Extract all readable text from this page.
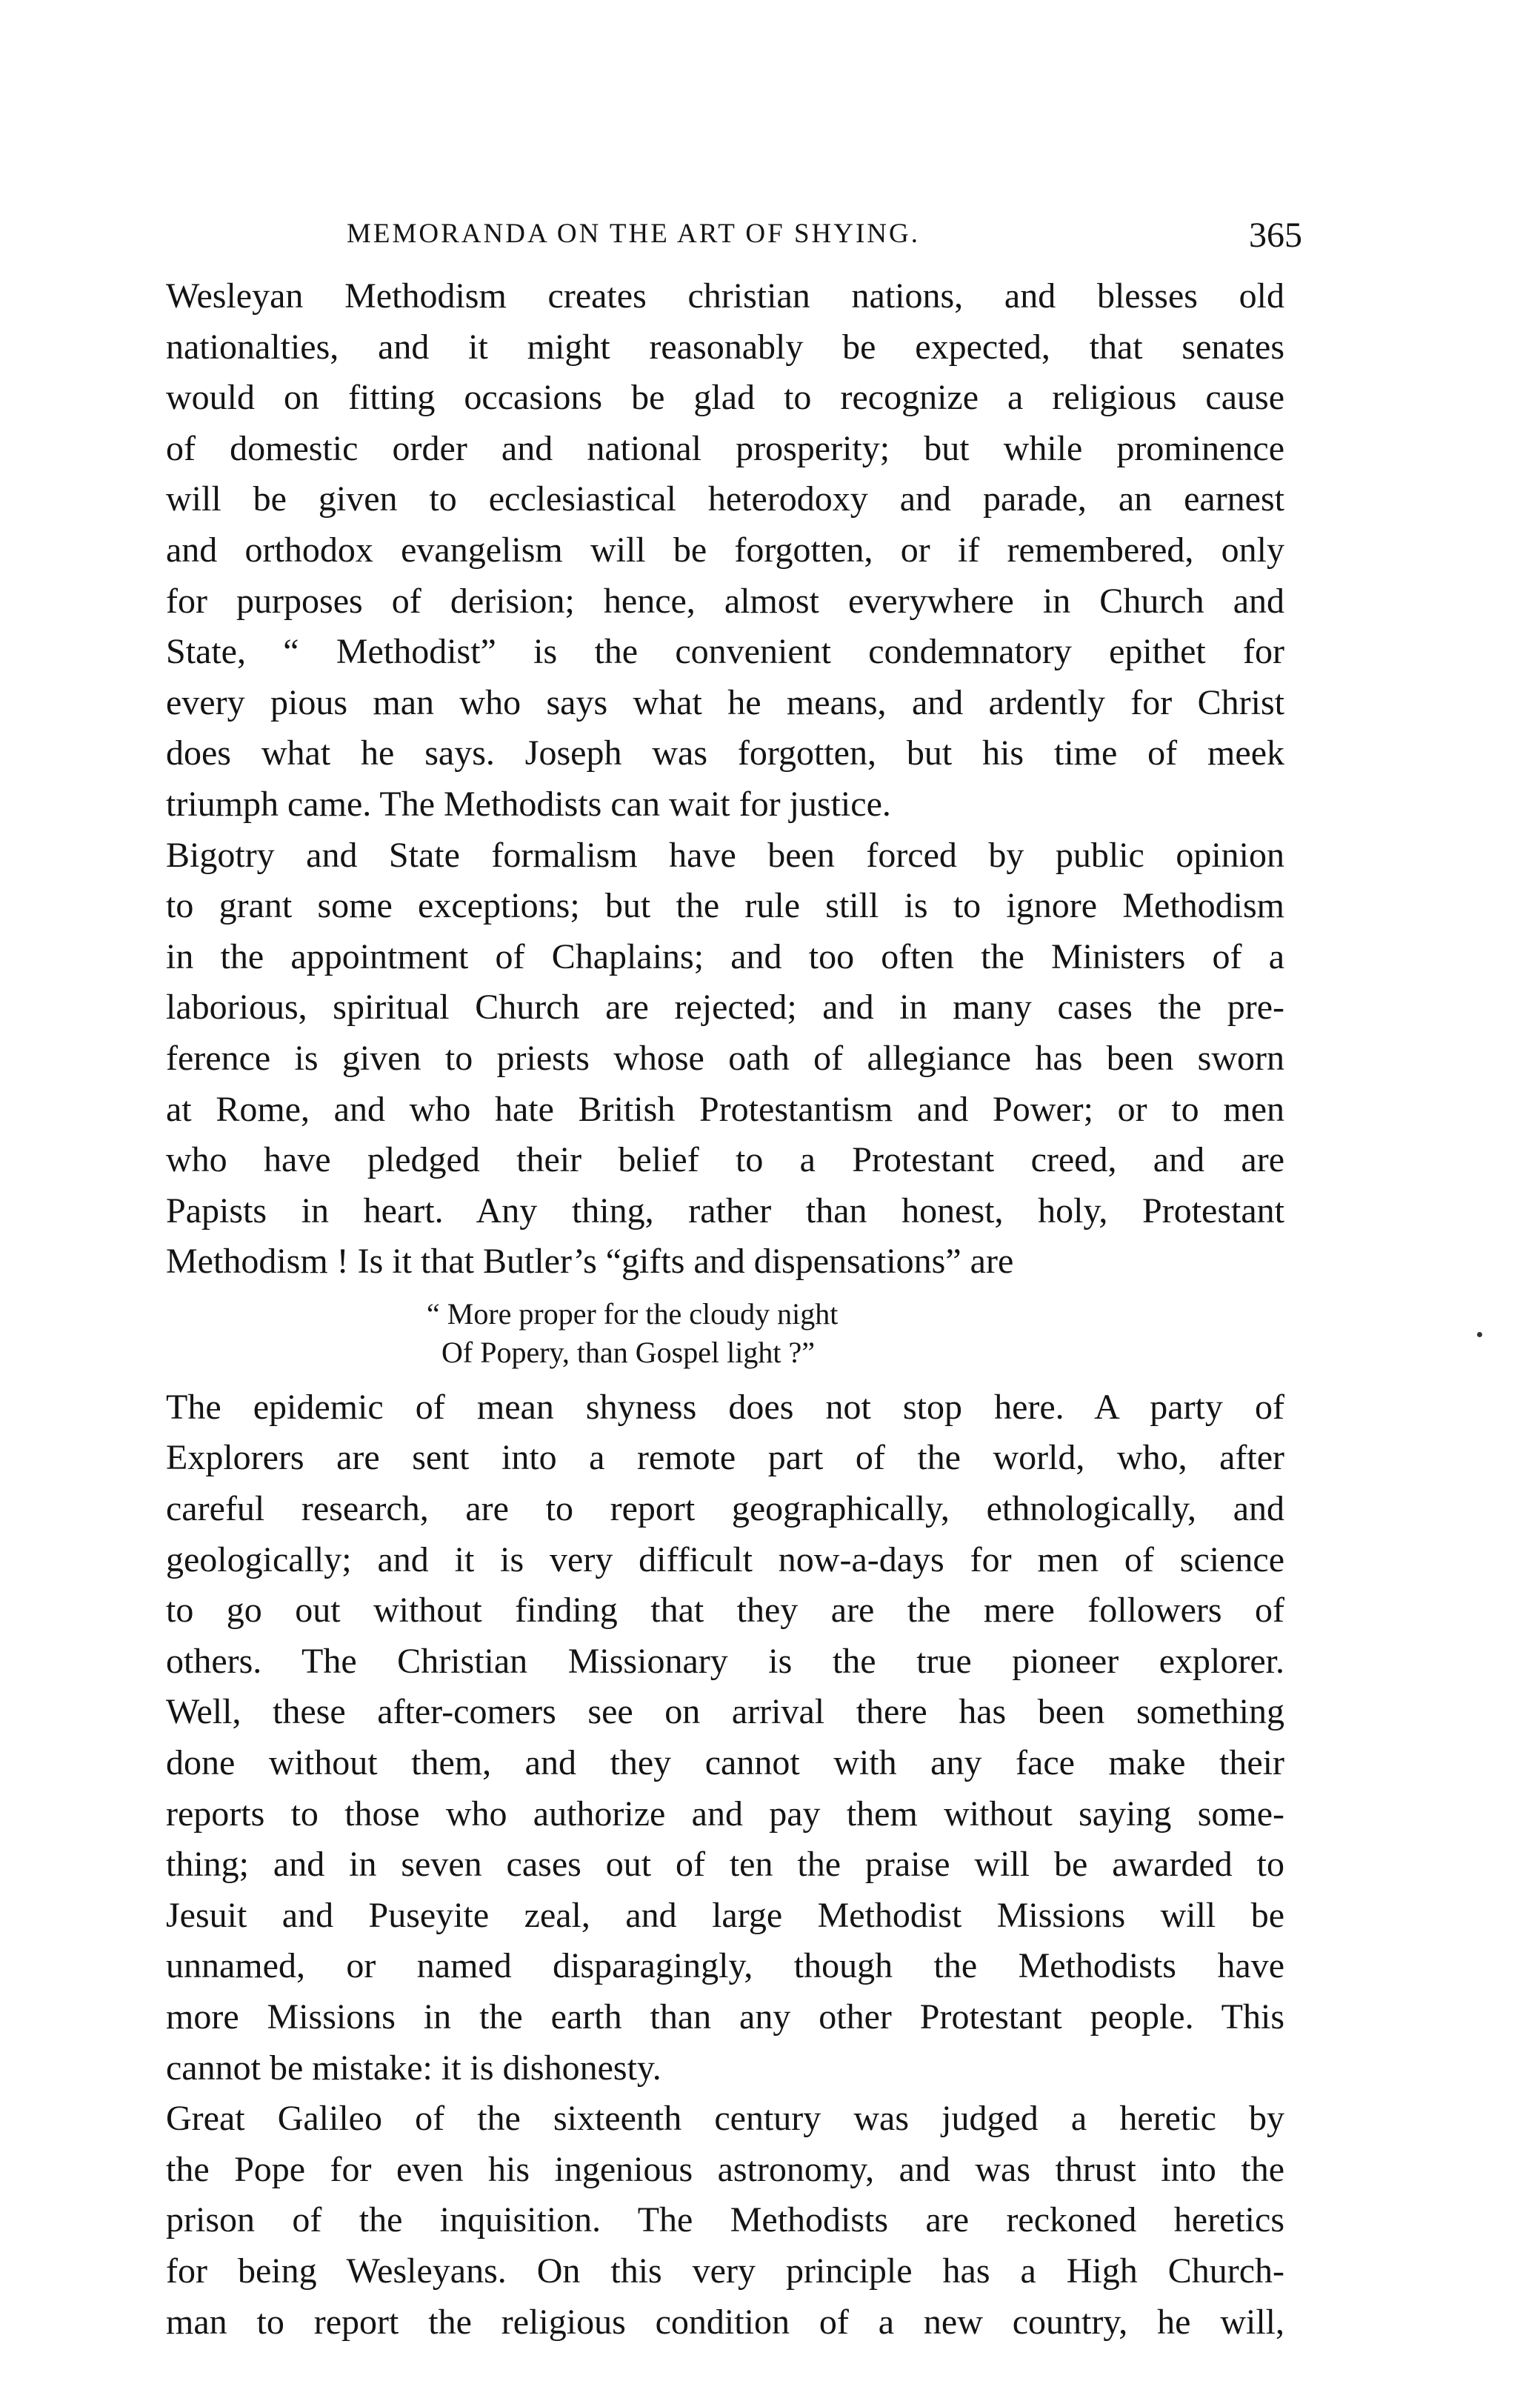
MEMORANDA ON THE ART OF SHYING.	365
Wesleyan Methodism creates christian nations, and blesses old
nationalties, and it might reasonably be expected, that senates
would on fitting occasions be glad to recognize a religious cause
of domestic order and national prosperity; but while prominence
will be given to ecclesiastical heterodoxy and parade, an earnest
and orthodox evangelism will be forgotten, or if remembered, only
for purposes of derision; hence, almost everywhere in Church and
State, “ Methodist” is the convenient condemnatory epithet for
every pious man who says what he means, and ardently for Christ
does what he says. Joseph was forgotten, but his time of meek
triumph came. The Methodists can wait for justice.
Bigotry and State formalism have been forced by public opinion
to grant some exceptions; but the rule still is to ignore Methodism
in the appointment of Chaplains; and too often the Ministers of a
laborious, spiritual Church are rejected; and in many cases the pre-
ference is given to priests whose oath of allegiance has been sworn
at Rome, and who hate British Protestantism and Power; or to men
who have pledged their belief to a Protestant creed, and are
Papists in heart. Any thing, rather than honest, holy, Protestant
Methodism ! Is it that Butler’s “gifts and dispensations” are
“ More proper for the cloudy night
Of Popery, than Gospel light ?”
The epidemic of mean shyness does not stop here. A party of
Explorers are sent into a remote part of the world, who, after
careful research, are to report geographically, ethnologically, and
geologically; and it is very difficult now-a-days for men of science
to go out without finding that they are the mere followers of
others. The Christian Missionary is the true pioneer explorer.
Well, these after-comers see on arrival there has been something
done without them, and they cannot with any face make their
reports to those who authorize and pay them without saying some-
thing; and in seven cases out of ten the praise will be awarded to
Jesuit and Puseyite zeal, and large Methodist Missions will be
unnamed, or named disparagingly, though the Methodists have
more Missions in the earth than any other Protestant people. This
cannot be mistake: it is dishonesty.
Great Galileo of the sixteenth century was judged a heretic by
the Pope for even his ingenious astronomy, and was thrust into the
prison of the inquisition. The Methodists are reckoned heretics
for being Wesleyans. On this very principle has a High Church-
man to report the religious condition of a new country, he will,
